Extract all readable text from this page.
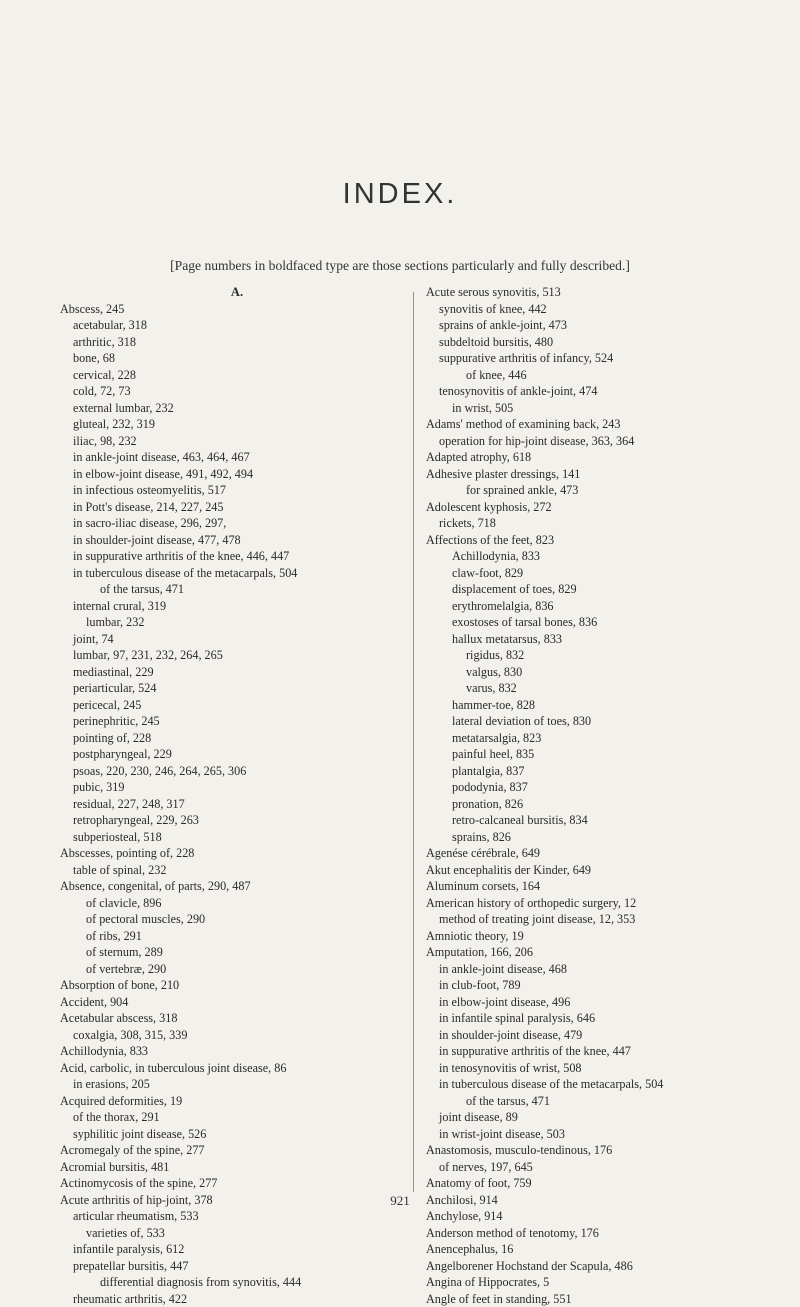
INDEX.
[Page numbers in boldfaced type are those sections particularly and fully described.]
A.
Abscess, 245
acetabular, 318
arthritic, 318
bone, 68
cervical, 228
cold, 72, 73
external lumbar, 232
gluteal, 232, 319
iliac, 98, 232
in ankle-joint disease, 463, 464, 467
in elbow-joint disease, 491, 492, 494
in infectious osteomyelitis, 517
in Pott's disease, 214, 227, 245
in sacro-iliac disease, 296, 297,
in shoulder-joint disease, 477, 478
in suppurative arthritis of the knee, 446, 447
in tuberculous disease of the metacarpals, 504
of the tarsus, 471
internal crural, 319
lumbar, 232
joint, 74
lumbar, 97, 231, 232, 264, 265
mediastinal, 229
periarticular, 524
pericecal, 245
perinephritic, 245
pointing of, 228
postpharyngeal, 229
psoas, 220, 230, 246, 264, 265, 306
pubic, 319
residual, 227, 248, 317
retropharyngeal, 229, 263
subperiosteal, 518
Abscesses, pointing of, 228
table of spinal, 232
Absence, congenital, of parts, 290, 487
of clavicle, 896
of pectoral muscles, 290
of ribs, 291
of sternum, 289
of vertebræ, 290
Absorption of bone, 210
Accident, 904
Acetabular abscess, 318
coxalgia, 308, 315, 339
Achillodynia, 833
Acid, carbolic, in tuberculous joint disease, 86
in erasions, 205
Acquired deformities, 19
of the thorax, 291
syphilitic joint disease, 526
Acromegaly of the spine, 277
Acromial bursitis, 481
Actinomycosis of the spine, 277
Acute arthritis of hip-joint, 378
articular rheumatism, 533
varieties of, 533
infantile paralysis, 612
prepatellar bursitis, 447
differential diagnosis from synovitis, 444
rheumatic arthritis, 422
Acute serous synovitis, 513
synovitis of knee, 442
sprains of ankle-joint, 473
subdeltoid bursitis, 480
suppurative arthritis of infancy, 524
of knee, 446
tenosynovitis of ankle-joint, 474
in wrist, 505
Adams' method of examining back, 243
operation for hip-joint disease, 363, 364
Adapted atrophy, 618
Adhesive plaster dressings, 141
for sprained ankle, 473
Adolescent kyphosis, 272
rickets, 718
Affections of the feet, 823
Achillodynia, 833
claw-foot, 829
displacement of toes, 829
erythromelalgia, 836
exostoses of tarsal bones, 836
hallux metatarsus, 833
rigidus, 832
valgus, 830
varus, 832
hammer-toe, 828
lateral deviation of toes, 830
metatarsalgia, 823
painful heel, 835
plantalgia, 837
pododynia, 837
pronation, 826
retro-calcaneal bursitis, 834
sprains, 826
Agenése cérébrale, 649
Akut encephalitis der Kinder, 649
Aluminum corsets, 164
American history of orthopedic surgery, 12
method of treating joint disease, 12, 353
Amniotic theory, 19
Amputation, 166, 206
in ankle-joint disease, 468
in club-foot, 789
in elbow-joint disease, 496
in infantile spinal paralysis, 646
in shoulder-joint disease, 479
in suppurative arthritis of the knee, 447
in tenosynovitis of wrist, 508
in tuberculous disease of the metacarpals, 504
of the tarsus, 471
joint disease, 89
in wrist-joint disease, 503
Anastomosis, musculo-tendinous, 176
of nerves, 197, 645
Anatomy of foot, 759
Anchilosi, 914
Anchylose, 914
Anderson method of tenotomy, 176
Anencephalus, 16
Angelborener Hochstand der Scapula, 486
Angina of Hippocrates, 5
Angle of feet in standing, 551
921
